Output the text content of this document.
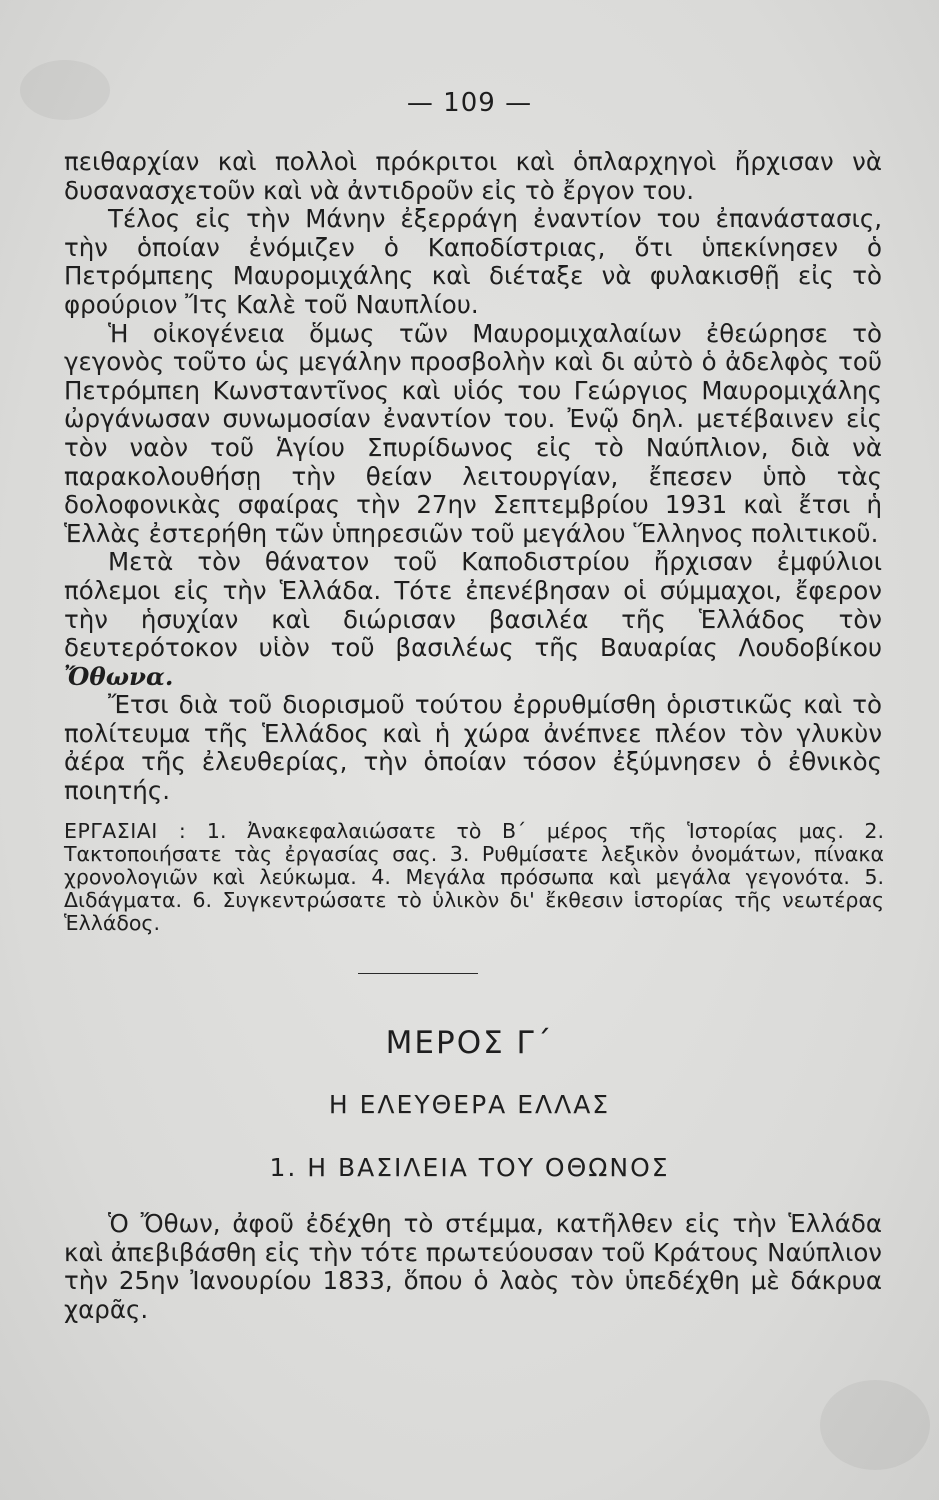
— 109 —

πειθαρχίαν καὶ πολλοὶ πρόκριτοι καὶ ὁπλαρχηγοὶ ἤρχισαν νὰ δυσανασχετοῦν καὶ νὰ ἀντιδροῦν εἰς τὸ ἔργον του.

Τέλος εἰς τὴν Μάνην ἐξερράγη ἐναντίον του ἐπανάστασις, τὴν ὁποίαν ἐνόμιζεν ὁ Καποδίστριας, ὅτι ὑπεκίνησεν ὁ Πετρόμπεης Μαυρομιχάλης καὶ διέταξε νὰ φυλακισθῇ εἰς τὸ φρούριον Ἴτς Καλὲ τοῦ Ναυπλίου.

Ἡ οἰκογένεια ὅμως τῶν Μαυρομιχαλαίων ἐθεώρησε τὸ γεγονὸς τοῦτο ὡς μεγάλην προσβολὴν καὶ δι αὐτὸ ὁ ἀδελφὸς τοῦ Πετρόμπεη Κωνσταντῖνος καὶ υἱός του Γεώργιος Μαυρομιχάλης ὠργάνωσαν συνωμοσίαν ἐναντίον του. Ἐνῷ δηλ. μετέβαινεν εἰς τὸν ναὸν τοῦ Ἁγίου Σπυρίδωνος εἰς τὸ Ναύπλιον, διὰ νὰ παρακολουθήσῃ τὴν θείαν λειτουργίαν, ἔπεσεν ὑπὸ τὰς δολοφονικὰς σφαίρας τὴν 27ην Σεπτεμβρίου 1931 καὶ ἔτσι ἡ Ἑλλὰς ἐστερήθη τῶν ὑπηρεσιῶν τοῦ μεγάλου Ἕλληνος πολιτικοῦ.

Μετὰ τὸν θάνατον τοῦ Καποδιστρίου ἤρχισαν ἐμφύλιοι πόλεμοι εἰς τὴν Ἑλλάδα. Τότε ἐπενέβησαν οἱ σύμμαχοι, ἔφερον τὴν ἡσυχίαν καὶ διώρισαν βασιλέα τῆς Ἑλλάδος τὸν δευτερότοκον υἱὸν τοῦ βασιλέως τῆς Βαυαρίας Λουδοβίκου Ὄθωνα.

Ἔτσι διὰ τοῦ διορισμοῦ τούτου ἐρρυθμίσθη ὁριστικῶς καὶ τὸ πολίτευμα τῆς Ἑλλάδος καὶ ἡ χώρα ἀνέπνεε πλέον τὸν γλυκὺν ἀέρα τῆς ἐλευθερίας, τὴν ὁποίαν τόσον ἐξύμνησεν ὁ ἐθνικὸς ποιητής.

ΕΡΓΑΣΙΑΙ : 1. Ἀνακεφαλαιώσατε τὸ Β΄ μέρος τῆς Ἱστορίας μας. 2. Τακτοποιήσατε τὰς ἐργασίας σας. 3. Ρυθμίσατε λεξικὸν ὀνομάτων, πίνακα χρονολογιῶν καὶ λεύκωμα. 4. Μεγάλα πρόσωπα καὶ μεγάλα γεγονότα. 5. Διδάγματα. 6. Συγκεντρώσατε τὸ ὑλικὸν δι' ἔκθεσιν ἱστορίας τῆς νεωτέρας Ἑλλάδος.
ΜΕΡΟΣ Γ΄
Η ΕΛΕΥΘΕΡΑ ΕΛΛΑΣ
1. Η ΒΑΣΙΛΕΙΑ ΤΟΥ ΟΘΩΝΟΣ

Ὁ Ὄθων, ἀφοῦ ἐδέχθη τὸ στέμμα, κατῆλθεν εἰς τὴν Ἑλλάδα καὶ ἀπεβιβάσθη εἰς τὴν τότε πρωτεύουσαν τοῦ Κράτους Ναύπλιον τὴν 25ην Ἰανουρίου 1833, ὅπου ὁ λαὸς τὸν ὑπεδέχθη μὲ δάκρυα χαρᾶς.
